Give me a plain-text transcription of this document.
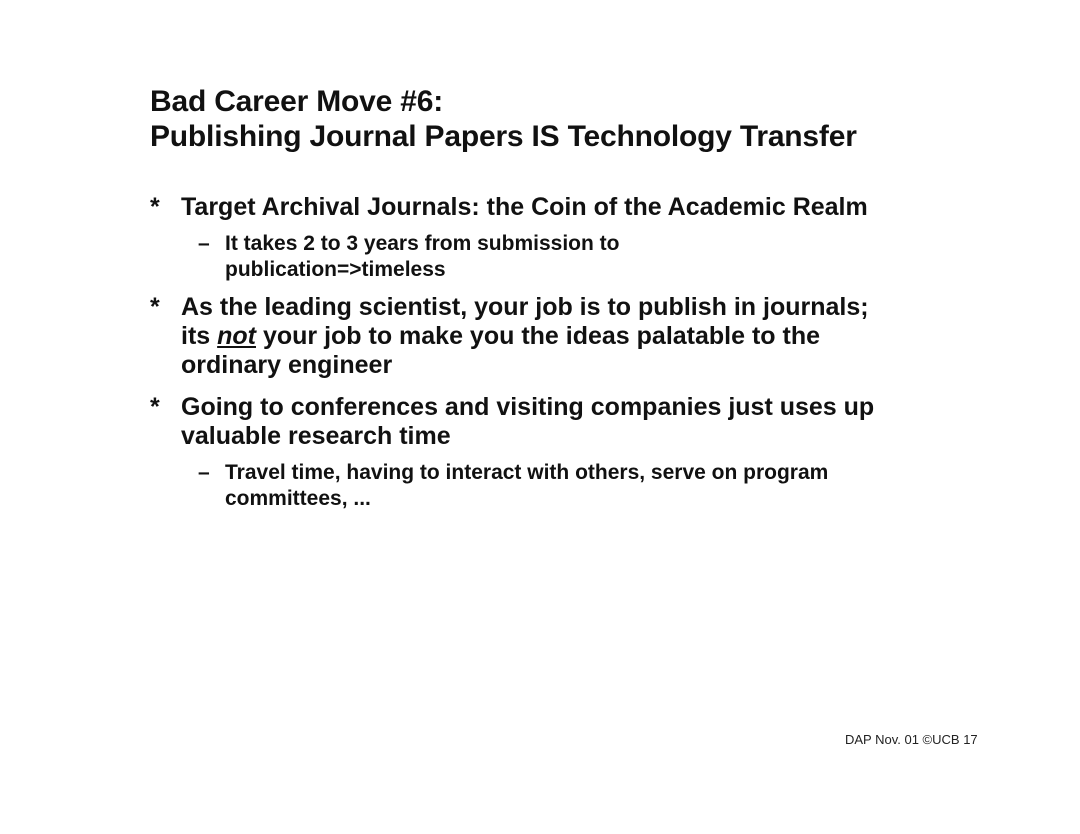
Bad Career Move #6:
Publishing Journal Papers IS Technology Transfer
* Target Archival Journals: the Coin of the Academic Realm
– It takes 2 to 3 years from submission to
publication=>timeless
* As the leading scientist, your job is to publish in journals;
its not your job to make you the ideas palatable to the
ordinary engineer
* Going to conferences and visiting companies just uses up
valuable research time
– Travel time, having to interact with others, serve on program
committees, ...
DAP Nov. 01 ©UCB 17
